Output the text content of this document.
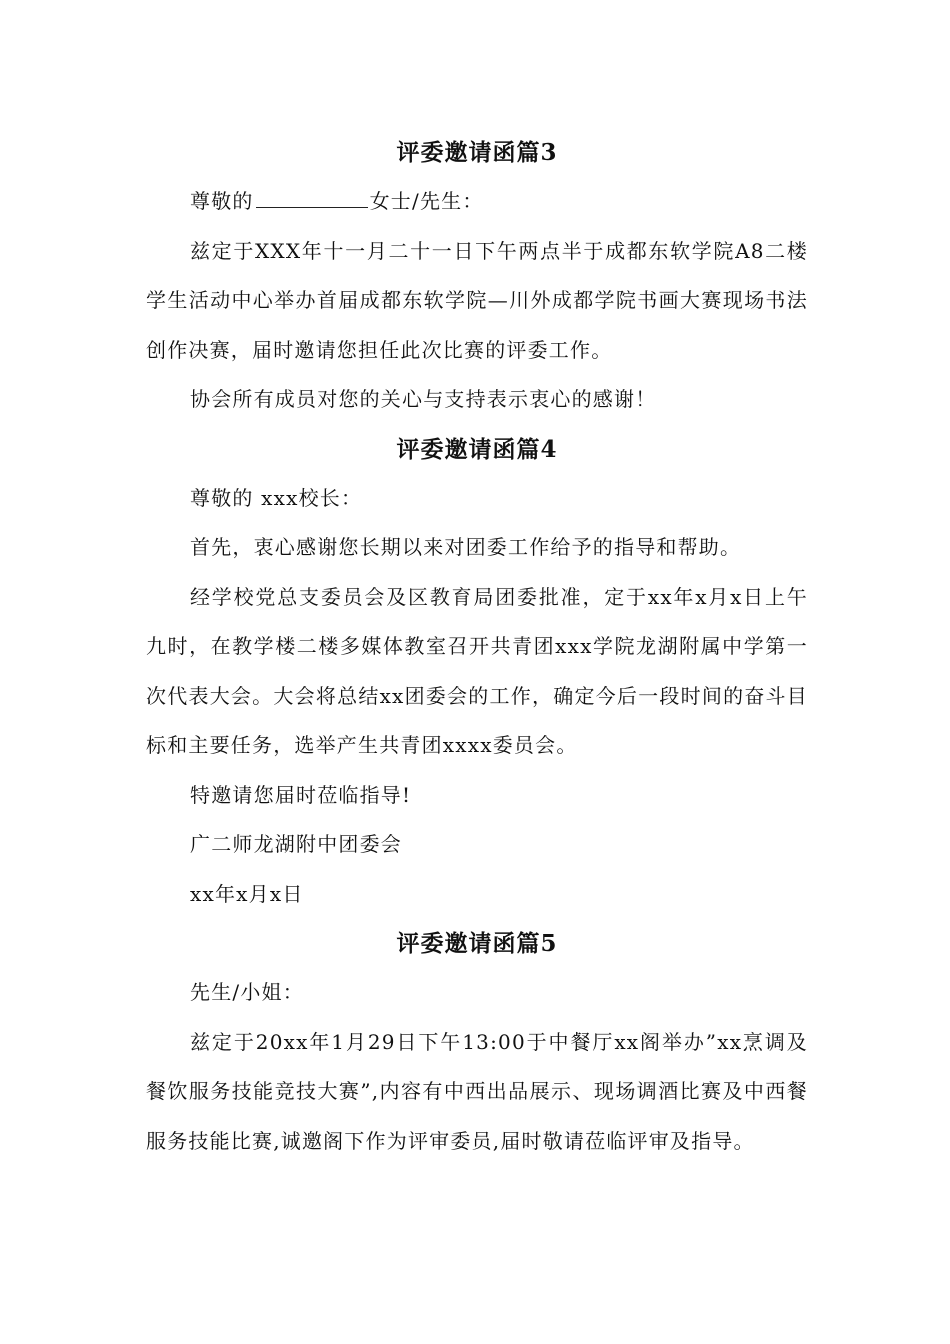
评委邀请函篇3

尊敬的	女士/先生：

兹定于XXX年十一月二十一日下午两点半于成都东软学院A8二楼学生活动中心举办首届成都东软学院—川外成都学院书画大赛现场书法创作决赛，届时邀请您担任此次比赛的评委工作。

协会所有成员对您的关心与支持表示衷心的感谢！

评委邀请函篇4

尊敬的 xxx校长：

首先，衷心感谢您长期以来对团委工作给予的指导和帮助。

经学校党总支委员会及区教育局团委批准，定于xx年x月x日上午九时，在教学楼二楼多媒体教室召开共青团xxx学院龙湖附属中学第一次代表大会。大会将总结xx团委会的工作，确定今后一段时间的奋斗目标和主要任务，选举产生共青团xxxx委员会。

特邀请您届时莅临指导!

广二师龙湖附中团委会

xx年x月x日

评委邀请函篇5

先生/小姐：

兹定于20xx年1月29日下午13:00于中餐厅xx阁举办”xx烹调及餐饮服务技能竞技大赛”,内容有中西出品展示、现场调酒比赛及中西餐服务技能比赛,诚邀阁下作为评审委员,届时敬请莅临评审及指导。
